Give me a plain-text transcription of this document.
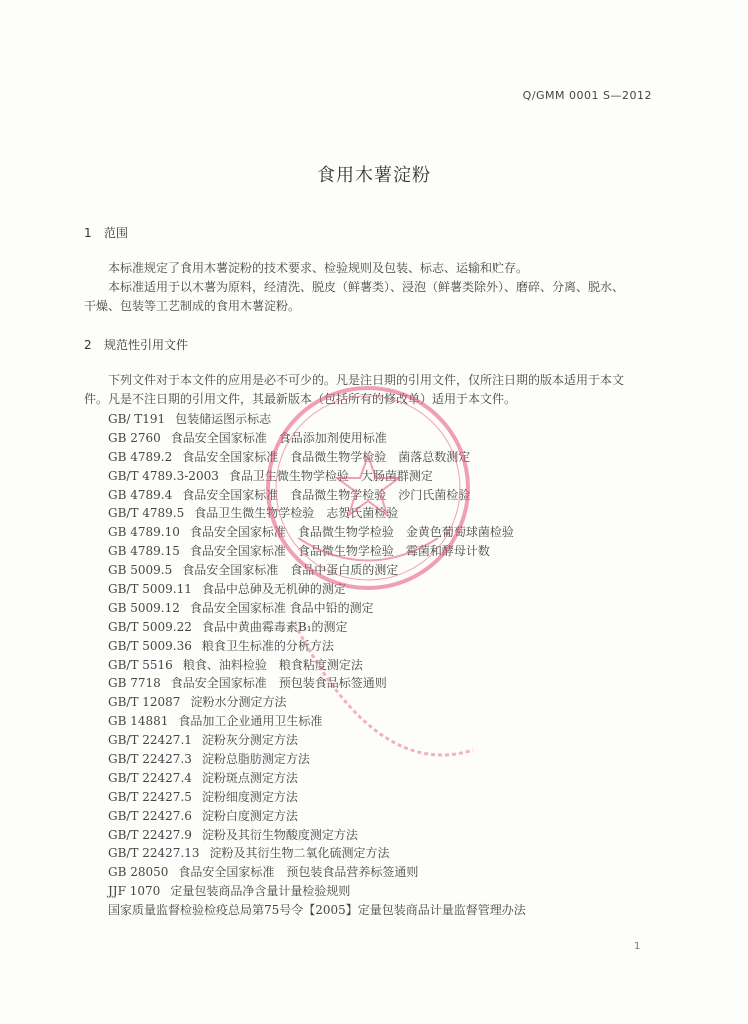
Q/GMM 0001 S—2012
食用木薯淀粉
1 范围
本标准规定了食用木薯淀粉的技术要求、检验规则及包装、标志、运输和贮存。
本标准适用于以木薯为原料，经清洗、脱皮（鲜薯类）、浸泡（鲜薯类除外）、磨碎、分离、脱水、
干燥、包装等工艺制成的食用木薯淀粉。
2 规范性引用文件
下列文件对于本文件的应用是必不可少的。凡是注日期的引用文件，仅所注日期的版本适用于本文
件。凡是不注日期的引用文件，其最新版本（包括所有的修改单）适用于本文件。
GB/ T191 包装储运图示标志
GB 2760 食品安全国家标准　食品添加剂使用标准
GB 4789.2 食品安全国家标准　食品微生物学检验　菌落总数测定
GB/T 4789.3-2003 食品卫生微生物学检验　大肠菌群测定
GB 4789.4 食品安全国家标准　食品微生物学检验　沙门氏菌检验
GB/T 4789.5 食品卫生微生物学检验　志贺氏菌检验
GB 4789.10 食品安全国家标准　食品微生物学检验　金黄色葡萄球菌检验
GB 4789.15 食品安全国家标准　食品微生物学检验　霉菌和酵母计数
GB 5009.5 食品安全国家标准　食品中蛋白质的测定
GB/T 5009.11 食品中总砷及无机砷的测定
GB 5009.12 食品安全国家标准 食品中铅的测定
GB/T 5009.22 食品中黄曲霉毒素B₁的测定
GB/T 5009.36 粮食卫生标准的分析方法
GB/T 5516 粮食、油料检验　粮食粘度测定法
GB 7718 食品安全国家标准　预包装食品标签通则
GB/T 12087 淀粉水分测定方法
GB 14881 食品加工企业通用卫生标准
GB/T 22427.1 淀粉灰分测定方法
GB/T 22427.3 淀粉总脂肪测定方法
GB/T 22427.4 淀粉斑点测定方法
GB/T 22427.5 淀粉细度测定方法
GB/T 22427.6 淀粉白度测定方法
GB/T 22427.9 淀粉及其衍生物酸度测定方法
GB/T 22427.13 淀粉及其衍生物二氧化硫测定方法
GB 28050 食品安全国家标准　预包装食品营养标签通则
JJF 1070 定量包装商品净含量计量检验规则
国家质量监督检验检疫总局第75号令【2005】定量包装商品计量监督管理办法
1
